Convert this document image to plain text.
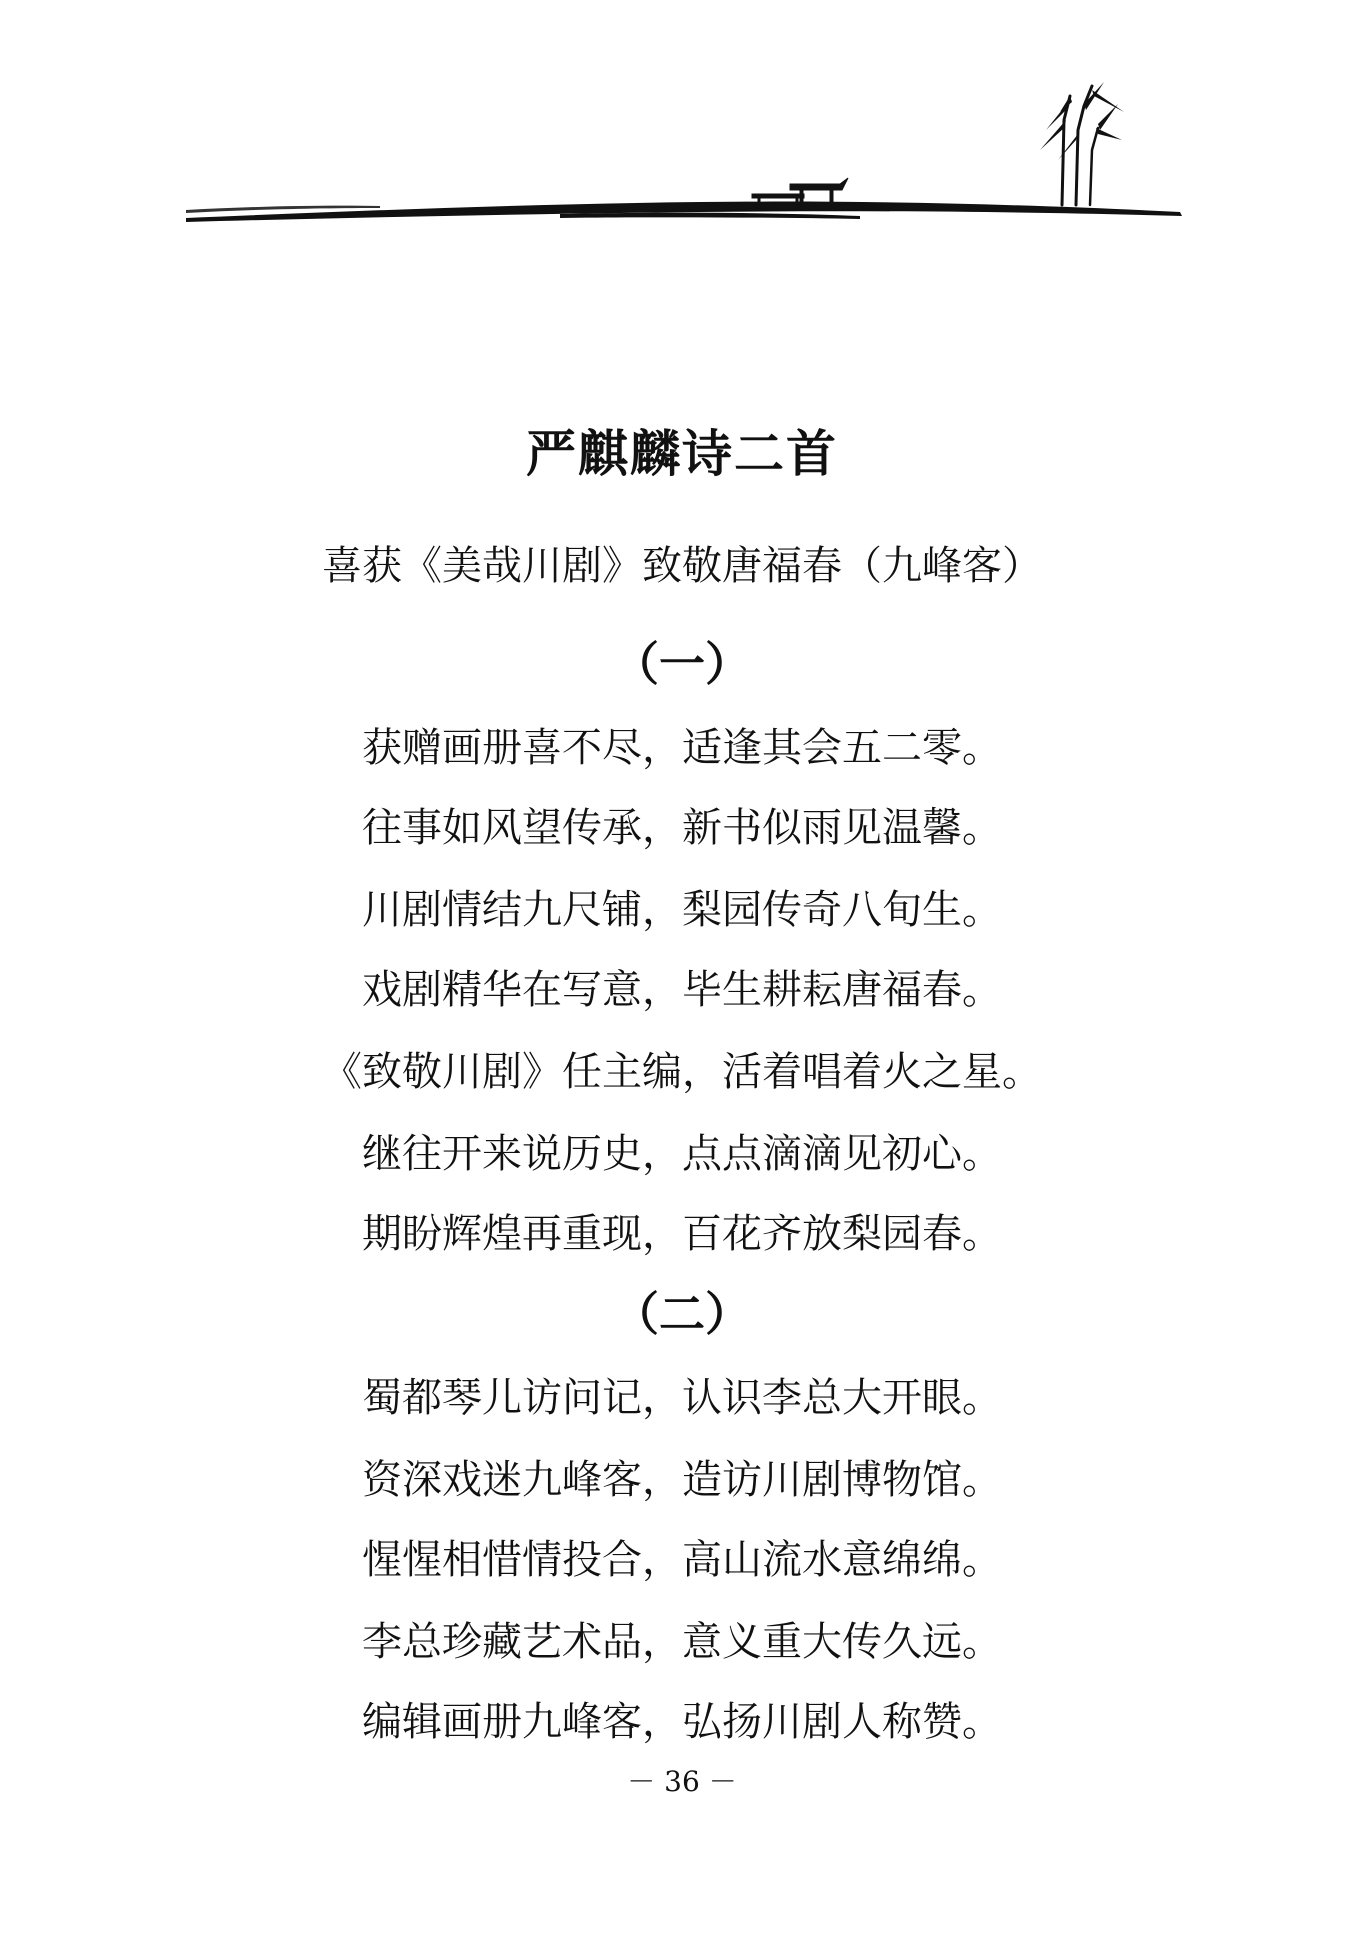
严麒麟诗二首
喜获《美哉川剧》致敬唐福春（九峰客）
（一）
获赠画册喜不尽，适逢其会五二零。
往事如风望传承，新书似雨见温馨。
川剧情结九尺铺，梨园传奇八旬生。
戏剧精华在写意，毕生耕耘唐福春。
《致敬川剧》任主编，活着唱着火之星。
继往开来说历史，点点滴滴见初心。
期盼辉煌再重现，百花齐放梨园春。
（二）
蜀都琴儿访问记，认识李总大开眼。
资深戏迷九峰客，造访川剧博物馆。
惺惺相惜情投合，高山流水意绵绵。
李总珍藏艺术品，意义重大传久远。
编辑画册九峰客，弘扬川剧人称赞。
－ 36 －
